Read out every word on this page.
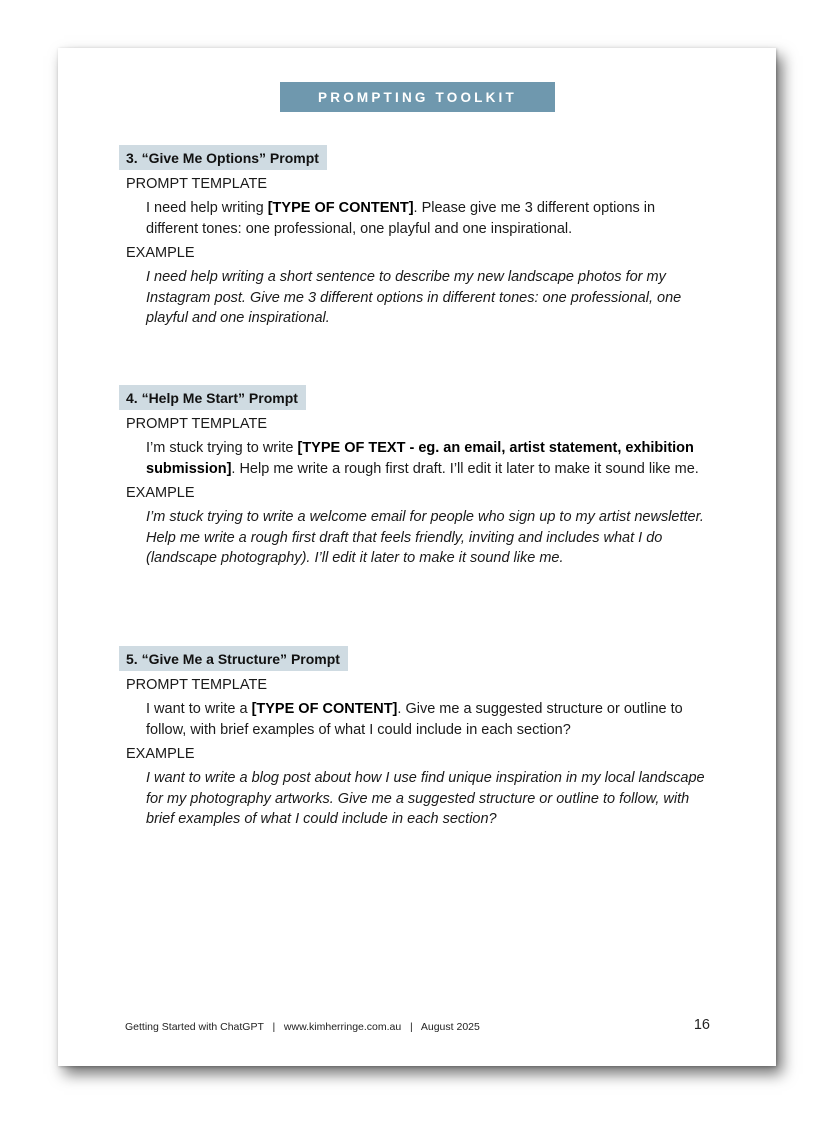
PROMPTING TOOLKIT
3. “Give Me Options” Prompt
PROMPT TEMPLATE
I need help writing [TYPE OF CONTENT]. Please give me 3 different options in different tones: one professional, one playful and one inspirational.
EXAMPLE
I need help writing a short sentence to describe my new landscape photos for my Instagram post. Give me 3 different options in different tones: one professional, one playful and one inspirational.
4. “Help Me Start” Prompt
PROMPT TEMPLATE
I’m stuck trying to write [TYPE OF TEXT - eg. an email, artist statement, exhibition submission]. Help me write a rough first draft. I’ll edit it later to make it sound like me.
EXAMPLE
I’m stuck trying to write a welcome email for people who sign up to my artist newsletter. Help me write a rough first draft that feels friendly, inviting and includes what I do (landscape photography). I’ll edit it later to make it sound like me.
5. “Give Me a Structure” Prompt
PROMPT TEMPLATE
I want to write a [TYPE OF CONTENT]. Give me a suggested structure or outline to follow, with brief examples of what I could include in each section?
EXAMPLE
I want to write a blog post about how I use find unique inspiration in my local landscape for my photography artworks. Give me a suggested structure or outline to follow, with brief examples of what I could include in each section?
Getting Started with ChatGPT   |   www.kimherringe.com.au   |   August 2025	16
